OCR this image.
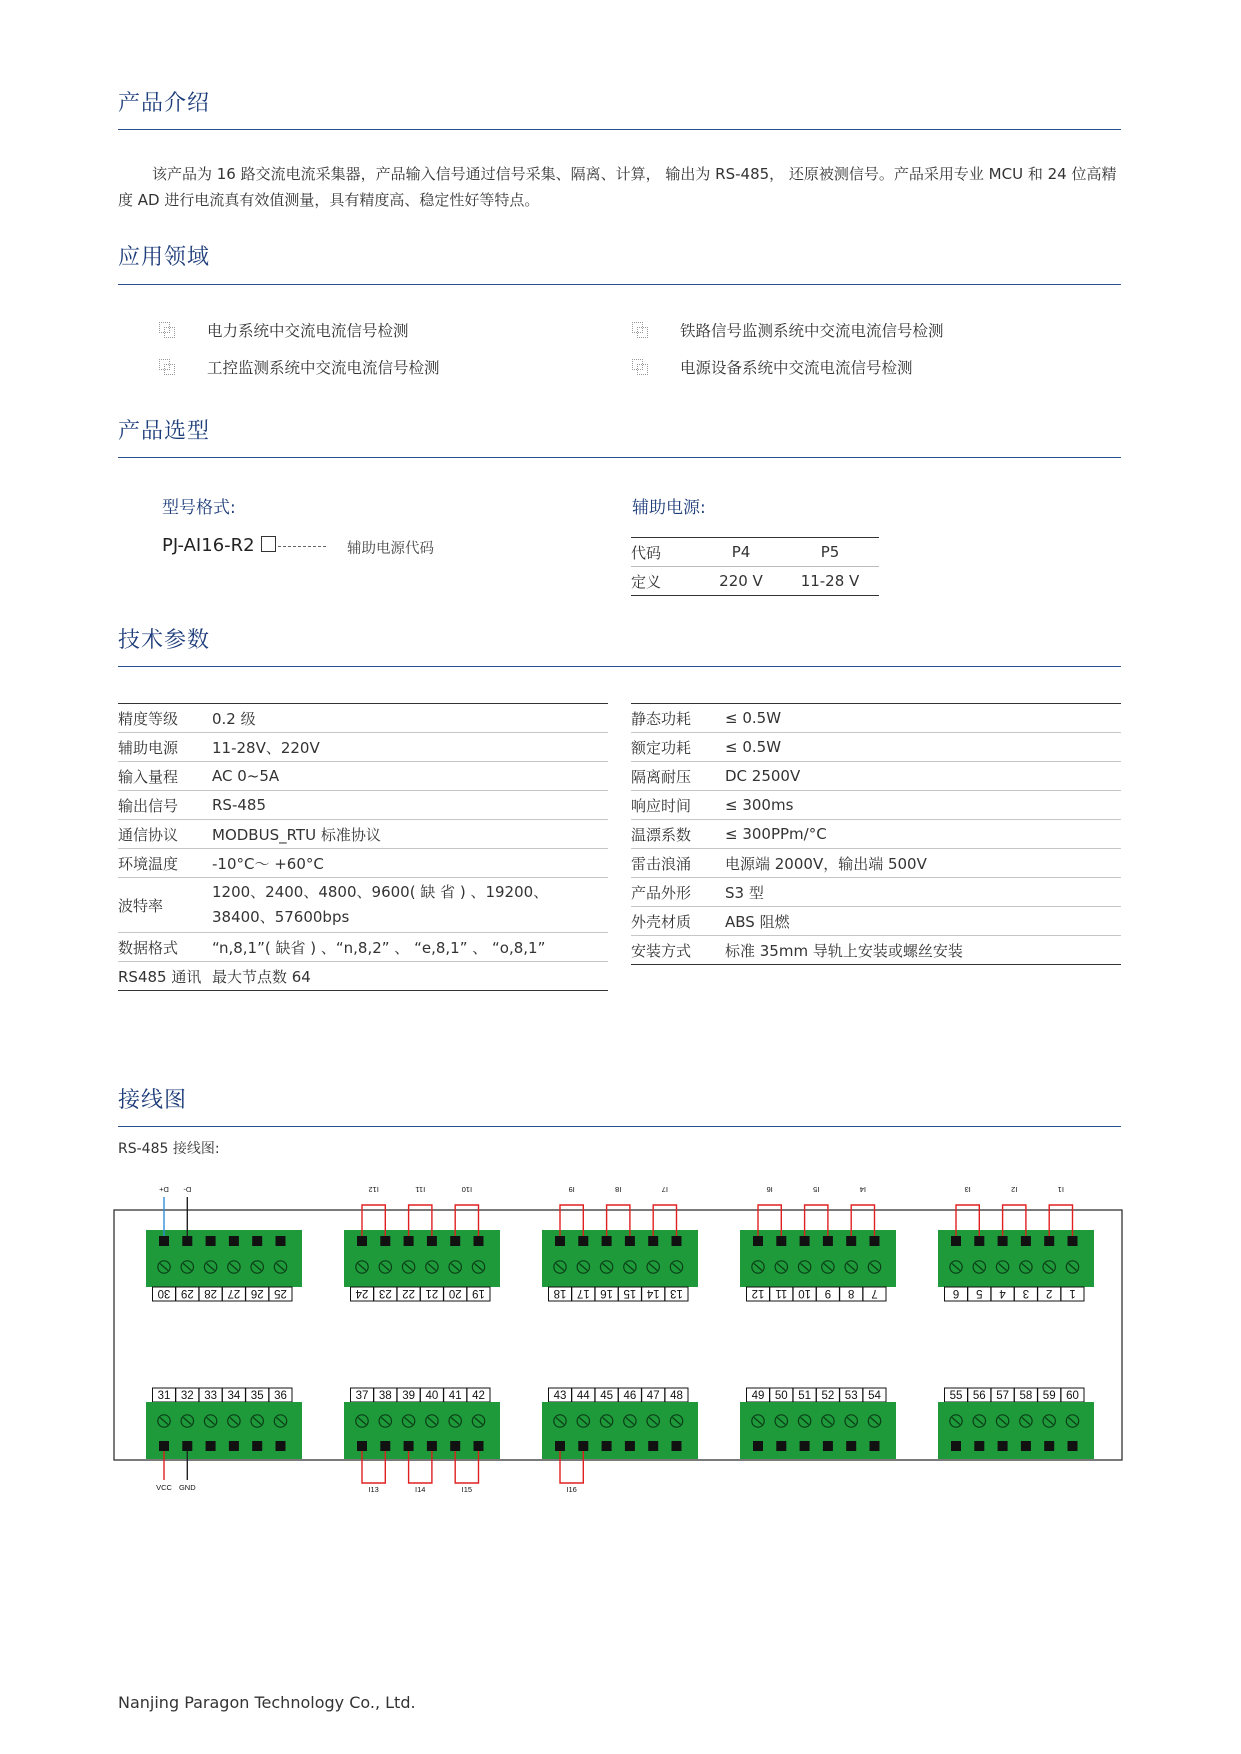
产品介绍
该产品为 16 路交流电流采集器，产品输入信号通过信号采集、隔离、计算， 输出为 RS-485， 还原被测信号。产品采用专业 MCU 和 24 位高精度 AD 进行电流真有效值测量，具有精度高、稳定性好等特点。
应用领域
电力系统中交流电流信号检测	铁路信号监测系统中交流电流信号检测
工控监测系统中交流电流信号检测	电源设备系统中交流电流信号检测
产品选型
型号格式:
PJ-AI16-R2	辅助电源代码
辅助电源:
代码	P4	P5
定义	220 V	11-28 V
技术参数
精度等级	0.2 级
辅助电源	11-28V、220V
输入量程	AC 0~5A
输出信号	RS-485
通信协议	MODBUS_RTU 标准协议
环境温度	-10°C～ +60°C
波特率	1200、2400、4800、9600( 缺 省 ) 、19200、38400、57600bps
数据格式	“n,8,1”( 缺省 ) 、“n,8,2” 、 “e,8,1” 、 “o,8,1”
RS485 通讯	最大节点数 64
静态功耗	≤ 0.5W
额定功耗	≤ 0.5W
隔离耐压	DC 2500V
响应时间	≤ 300ms
温漂系数	≤ 300PPm/°C
雷击浪涌	电源端 2000V，输出端 500V
产品外形	S3 型
外壳材质	ABS 阻燃
安装方式	标准 35mm 导轨上安装或螺丝安装
接线图
RS-485 接线图:
30 29 28 27 26 25
D+ D-
24 23 22 21 20 19
I12	I11	I10
18 17 16 15 14 13
I9	I8	I7
12 11 10 9 8 7
I6	I5	I4
6 5 4 3 2 1
I3	I2	I1
31 32 33 34 35 36
VCC GND
37 38 39 40 41 42
I13	I14	I15
43 44 45 46 47 48
I16
49 50 51 52 53 54	55 56 57 58 59 60
Nanjing Paragon Technology Co., Ltd.
